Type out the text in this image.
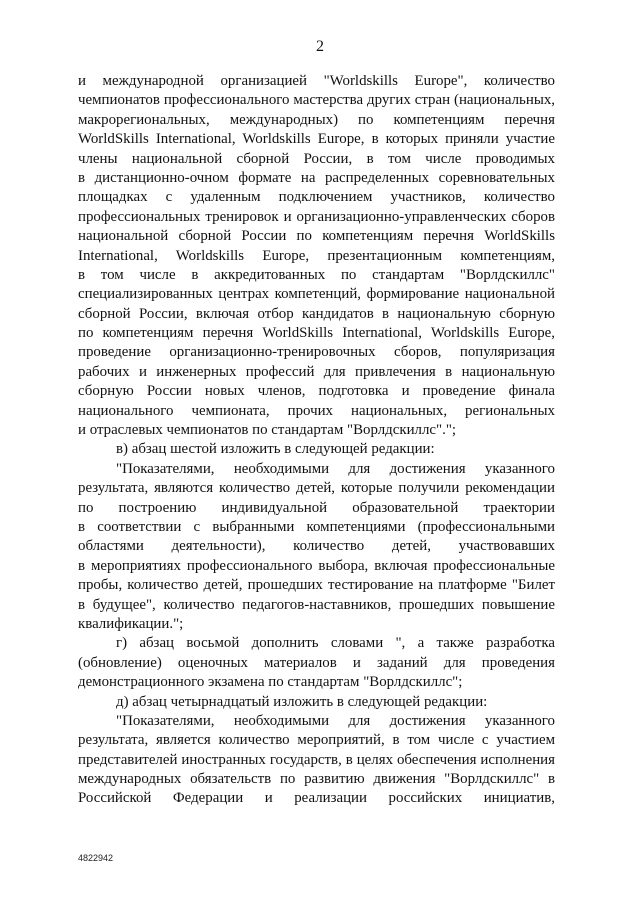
2
и международной организацией "Worldskills Europe", количество
чемпионатов профессионального мастерства других стран (национальных,
макрорегиональных, международных) по компетенциям перечня
WorldSkills International, Worldskills Europe, в которых приняли участие
члены национальной сборной России, в том числе проводимых
в дистанционно-очном формате на распределенных соревновательных
площадках с удаленным подключением участников, количество
профессиональных тренировок и организационно-управленческих сборов
национальной сборной России по компетенциям перечня WorldSkills
International, Worldskills Europe, презентационным компетенциям,
в том числе в аккредитованных по стандартам "Ворлдскиллс"
специализированных центрах компетенций, формирование национальной
сборной России, включая отбор кандидатов в национальную сборную
по компетенциям перечня WorldSkills International, Worldskills Europe,
проведение организационно-тренировочных сборов, популяризация
рабочих и инженерных профессий для привлечения в национальную
сборную России новых членов, подготовка и проведение финала
национального чемпионата, прочих национальных, региональных
и отраслевых чемпионатов по стандартам "Ворлдскиллс".";
в) абзац шестой изложить в следующей редакции:
"Показателями, необходимыми для достижения указанного
результата, являются количество детей, которые получили рекомендации
по построению индивидуальной образовательной траектории
в соответствии с выбранными компетенциями (профессиональными
областями деятельности), количество детей, участвовавших
в мероприятиях профессионального выбора, включая профессиональные
пробы, количество детей, прошедших тестирование на платформе "Билет
в будущее", количество педагогов-наставников, прошедших повышение
квалификации.";
г) абзац восьмой дополнить словами ", а также разработка
(обновление) оценочных материалов и заданий для проведения
демонстрационного экзамена по стандартам "Ворлдскиллс";
д) абзац четырнадцатый изложить в следующей редакции:
"Показателями, необходимыми для достижения указанного
результата, является количество мероприятий, в том числе с участием
представителей иностранных государств, в целях обеспечения исполнения
международных обязательств по развитию движения "Ворлдскиллс" в
Российской Федерации и реализации российских инициатив,
4822942
